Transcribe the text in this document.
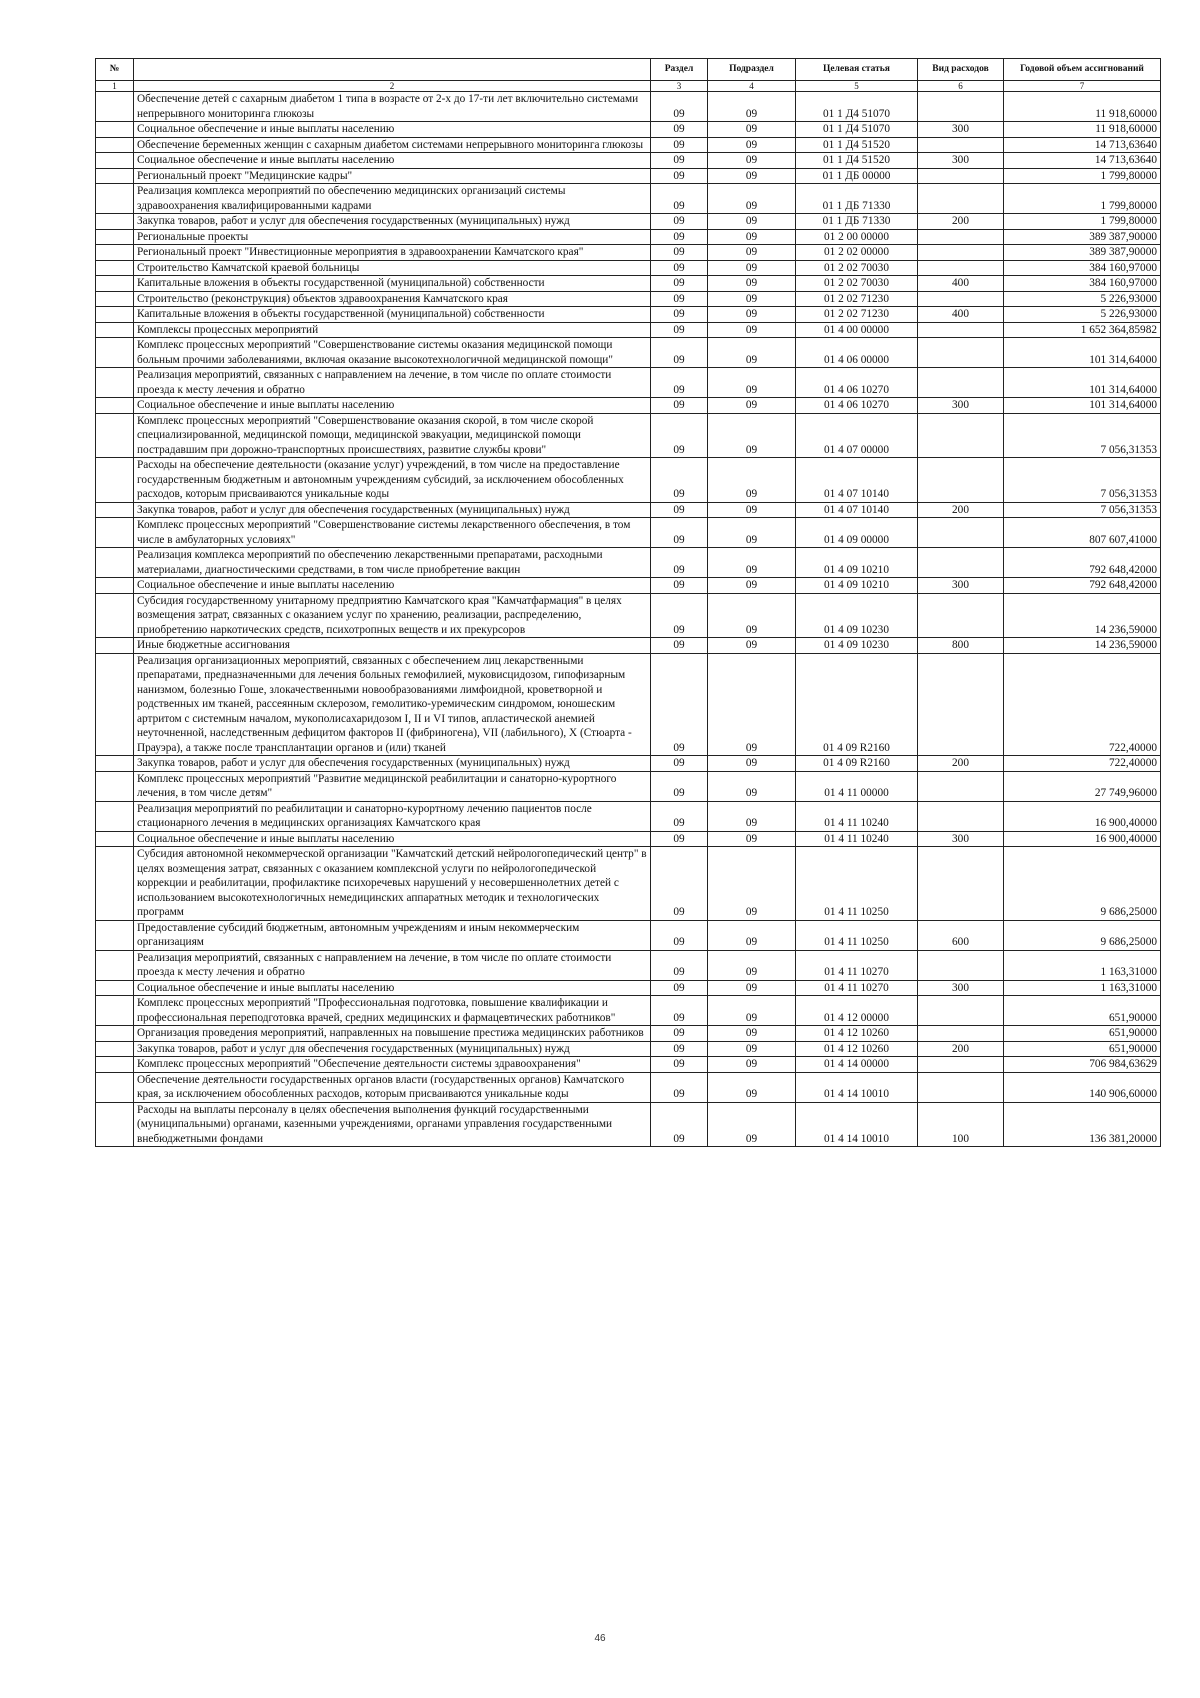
№		Раздел	Подраздел	Целевая статья	Вид расходов	Годовой объем ассигнований
1	2	3	4	5	6	7
	Обеспечение детей с сахарным диабетом 1 типа в возрасте от 2-х до 17-ти лет включительно системами непрерывного мониторинга глюкозы	09	09	01 1 Д4 51070		11 918,60000
	Социальное обеспечение и иные выплаты населению	09	09	01 1 Д4 51070	300	11 918,60000
	Обеспечение беременных женщин с сахарным диабетом системами непрерывного мониторинга глюкозы	09	09	01 1 Д4 51520		14 713,63640
	Социальное обеспечение и иные выплаты населению	09	09	01 1 Д4 51520	300	14 713,63640
	Региональный проект "Медицинские кадры"	09	09	01 1 ДБ 00000		1 799,80000
	Реализация комплекса мероприятий по обеспечению медицинских организаций системы здравоохранения квалифицированными кадрами	09	09	01 1 ДБ 71330		1 799,80000
	Закупка товаров, работ и услуг для обеспечения государственных (муниципальных) нужд	09	09	01 1 ДБ 71330	200	1 799,80000
	Региональные проекты	09	09	01 2 00 00000		389 387,90000
	Региональный проект "Инвестиционные мероприятия в здравоохранении Камчатского края"	09	09	01 2 02 00000		389 387,90000
	Строительство Камчатской краевой больницы	09	09	01 2 02 70030		384 160,97000
	Капитальные вложения в объекты государственной (муниципальной) собственности	09	09	01 2 02 70030	400	384 160,97000
	Строительство (реконструкция) объектов здравоохранения Камчатского края	09	09	01 2 02 71230		5 226,93000
	Капитальные вложения в объекты государственной (муниципальной) собственности	09	09	01 2 02 71230	400	5 226,93000
	Комплексы процессных мероприятий	09	09	01 4 00 00000		1 652 364,85982
	Комплекс процессных мероприятий "Совершенствование системы оказания медицинской помощи больным прочими заболеваниями, включая оказание высокотехнологичной медицинской помощи"	09	09	01 4 06 00000		101 314,64000
	Реализация мероприятий, связанных с направлением на лечение, в том числе по оплате стоимости проезда к месту лечения и обратно	09	09	01 4 06 10270		101 314,64000
	Социальное обеспечение и иные выплаты населению	09	09	01 4 06 10270	300	101 314,64000
	Комплекс процессных мероприятий "Совершенствование оказания скорой, в том числе скорой специализированной, медицинской помощи, медицинской эвакуации, медицинской помощи пострадавшим при дорожно-транспортных происшествиях, развитие службы крови"	09	09	01 4 07 00000		7 056,31353
	Расходы на обеспечение деятельности (оказание услуг) учреждений, в том числе на предоставление государственным бюджетным и автономным учреждениям субсидий, за исключением обособленных расходов, которым присваиваются уникальные коды	09	09	01 4 07 10140		7 056,31353
	Закупка товаров, работ и услуг для обеспечения государственных (муниципальных) нужд	09	09	01 4 07 10140	200	7 056,31353
	Комплекс процессных мероприятий "Совершенствование системы лекарственного обеспечения, в том числе в амбулаторных условиях"	09	09	01 4 09 00000		807 607,41000
	Реализация комплекса мероприятий по обеспечению лекарственными препаратами, расходными материалами, диагностическими средствами, в том числе приобретение вакцин	09	09	01 4 09 10210		792 648,42000
	Социальное обеспечение и иные выплаты населению	09	09	01 4 09 10210	300	792 648,42000
	Субсидия государственному унитарному предприятию Камчатского края "Камчатфармация" в целях возмещения затрат, связанных с оказанием услуг по хранению, реализации, распределению, приобретению наркотических средств, психотропных веществ и их прекурсоров	09	09	01 4 09 10230		14 236,59000
	Иные бюджетные ассигнования	09	09	01 4 09 10230	800	14 236,59000
	Реализация организационных мероприятий, связанных с обеспечением лиц лекарственными препаратами, предназначенными для лечения больных гемофилией, муковисцидозом, гипофизарным нанизмом, болезнью Гоше, злокачественными новообразованиями лимфоидной, кроветворной и родственных им тканей, рассеянным склерозом, гемолитико-уремическим синдромом, юношеским артритом с системным началом, мукополисахаридозом I, II и VI типов, апластической анемией неуточненной, наследственным дефицитом факторов II (фибриногена), VII (лабильного), X (Стюарта - Прауэра), а также после трансплантации органов и (или) тканей	09	09	01 4 09 R2160		722,40000
	Закупка товаров, работ и услуг для обеспечения государственных (муниципальных) нужд	09	09	01 4 09 R2160	200	722,40000
	Комплекс процессных мероприятий "Развитие медицинской реабилитации и санаторно-курортного лечения, в том числе детям"	09	09	01 4 11 00000		27 749,96000
	Реализация мероприятий по реабилитации и санаторно-курортному лечению пациентов после стационарного лечения в медицинских организациях Камчатского края	09	09	01 4 11 10240		16 900,40000
	Социальное обеспечение и иные выплаты населению	09	09	01 4 11 10240	300	16 900,40000
	Субсидия автономной некоммерческой организации "Камчатский детский нейрологопедический центр" в целях возмещения затрат, связанных с оказанием комплексной услуги по нейрологопедической коррекции и реабилитации, профилактике психоречевых нарушений у несовершеннолетних детей с использованием высокотехнологичных немедицинских аппаратных методик и технологических программ	09	09	01 4 11 10250		9 686,25000
	Предоставление субсидий бюджетным, автономным учреждениям и иным некоммерческим организациям	09	09	01 4 11 10250	600	9 686,25000
	Реализация мероприятий, связанных с направлением на лечение, в том числе по оплате стоимости проезда к месту лечения и обратно	09	09	01 4 11 10270		1 163,31000
	Социальное обеспечение и иные выплаты населению	09	09	01 4 11 10270	300	1 163,31000
	Комплекс процессных мероприятий "Профессиональная подготовка, повышение квалификации и профессиональная переподготовка врачей, средних медицинских и фармацевтических работников"	09	09	01 4 12 00000		651,90000
	Организация проведения мероприятий, направленных на повышение престижа медицинских работников	09	09	01 4 12 10260		651,90000
	Закупка товаров, работ и услуг для обеспечения государственных (муниципальных) нужд	09	09	01 4 12 10260	200	651,90000
	Комплекс процессных мероприятий "Обеспечение деятельности системы здравоохранения"	09	09	01 4 14 00000		706 984,63629
	Обеспечение деятельности государственных органов власти (государственных органов) Камчатского края, за исключением обособленных расходов, которым присваиваются уникальные коды	09	09	01 4 14 10010		140 906,60000
	Расходы на выплаты персоналу в целях обеспечения выполнения функций государственными (муниципальными) органами, казенными учреждениями, органами управления государственными внебюджетными фондами	09	09	01 4 14 10010	100	136 381,20000
46
